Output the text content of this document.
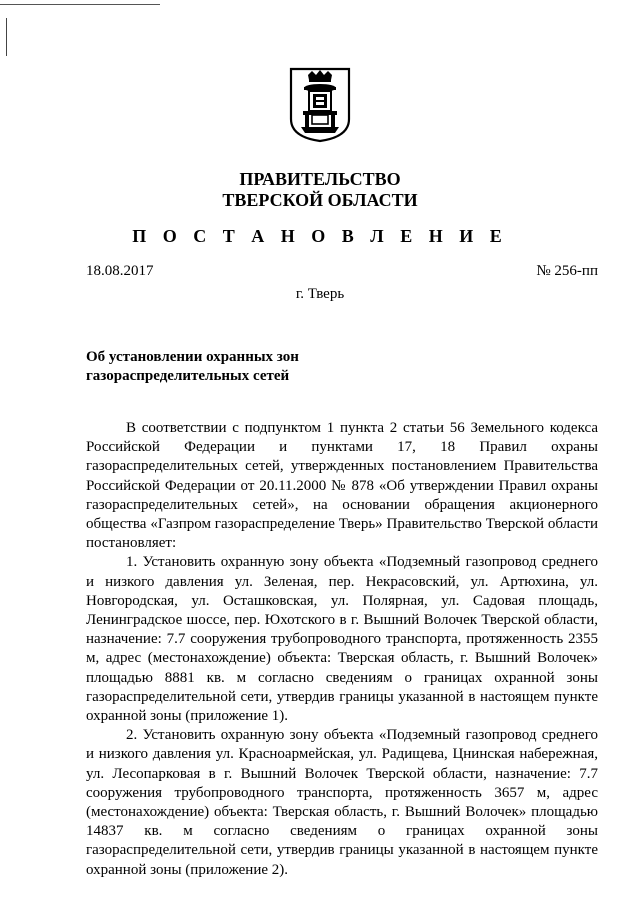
ПРАВИТЕЛЬСТВО
ТВЕРСКОЙ ОБЛАСТИ
П О С Т А Н О В Л Е Н И Е
18.08.2017	№ 256-пп
г. Тверь
Об установлении охранных зон
газораспределительных сетей

В соответствии с подпунктом 1 пункта 2 статьи 56 Земельного кодекса Российской Федерации и пунктами 17, 18 Правил охраны газораспределительных сетей, утвержденных постановлением Правительства Российской Федерации от 20.11.2000 № 878 «Об утверждении Правил охраны газораспределительных сетей», на основании обращения акционерного общества «Газпром газораспределение Тверь» Правительство Тверской области постановляет:

1. Установить охранную зону объекта «Подземный газопровод среднего и низкого давления ул. Зеленая, пер. Некрасовский, ул. Артюхина, ул. Новгородская, ул. Осташковская, ул. Полярная, ул. Садовая площадь, Ленинградское шоссе, пер. Юхотского в г. Вышний Волочек Тверской области, назначение: 7.7 сооружения трубопроводного транспорта, протяженность 2355 м, адрес (местонахождение) объекта: Тверская область, г. Вышний Волочек» площадью 8881 кв. м согласно сведениям о границах охранной зоны газораспределительной сети, утвердив границы указанной в настоящем пункте охранной зоны (приложение 1).

2. Установить охранную зону объекта «Подземный газопровод среднего и низкого давления ул. Красноармейская, ул. Радищева, Цнинская набережная, ул. Лесопарковая в г. Вышний Волочек Тверской области, назначение: 7.7 сооружения трубопроводного транспорта, протяженность 3657 м, адрес (местонахождение) объекта: Тверская область, г. Вышний Волочек» площадью 14837 кв. м согласно сведениям о границах охранной зоны газораспределительной сети, утвердив границы указанной в настоящем пункте охранной зоны (приложение 2).
